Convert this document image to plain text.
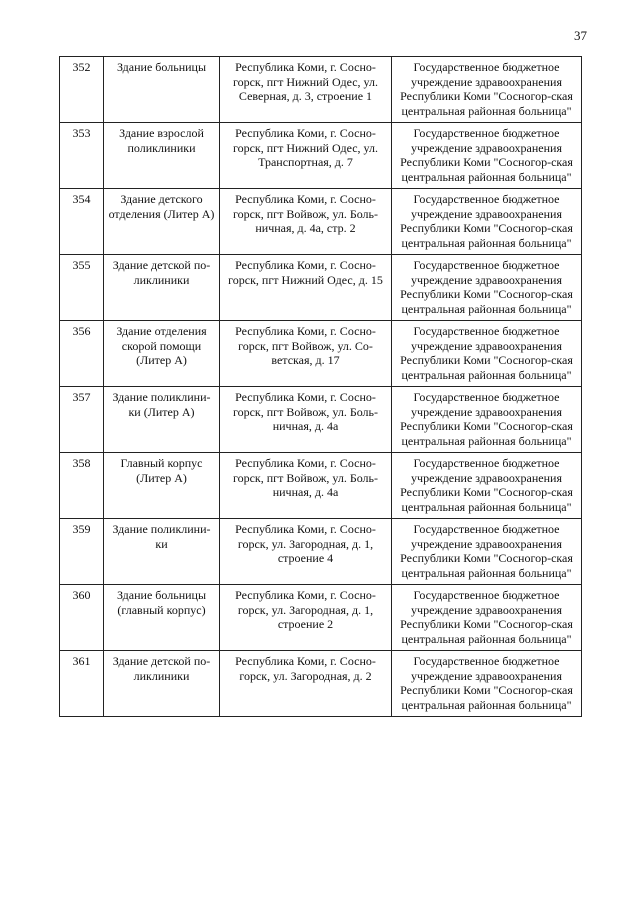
37
352	Здание больницы	Республика Коми, г. Сосно-горск, пгт Нижний Одес, ул. Северная, д. 3, строение 1	Государственное бюджетное учреждение здравоохранения Республики Коми "Сосногор-ская центральная районная больница"
353	Здание взрослой поликлиники	Республика Коми, г. Сосно-горск, пгт Нижний Одес, ул. Транспортная, д. 7	Государственное бюджетное учреждение здравоохранения Республики Коми "Сосногор-ская центральная районная больница"
354	Здание детского отделения (Литер А)	Республика Коми, г. Сосно-горск, пгт Войвож, ул. Боль-ничная, д. 4а, стр. 2	Государственное бюджетное учреждение здравоохранения Республики Коми "Сосногор-ская центральная районная больница"
355	Здание детской по-ликлиники	Республика Коми, г. Сосно-горск, пгт Нижний Одес, д. 15	Государственное бюджетное учреждение здравоохранения Республики Коми "Сосногор-ская центральная районная больница"
356	Здание отделения скорой помощи (Литер А)	Республика Коми, г. Сосно-горск, пгт Войвож, ул. Со-ветская, д. 17	Государственное бюджетное учреждение здравоохранения Республики Коми "Сосногор-ская центральная районная больница"
357	Здание поликлини-ки (Литер А)	Республика Коми, г. Сосно-горск, пгт Войвож, ул. Боль-ничная, д. 4а	Государственное бюджетное учреждение здравоохранения Республики Коми "Сосногор-ская центральная районная больница"
358	Главный корпус (Литер А)	Республика Коми, г. Сосно-горск, пгт Войвож, ул. Боль-ничная, д. 4а	Государственное бюджетное учреждение здравоохранения Республики Коми "Сосногор-ская центральная районная больница"
359	Здание поликлини-ки	Республика Коми, г. Сосно-горск, ул. Загородная, д. 1, строение 4	Государственное бюджетное учреждение здравоохранения Республики Коми "Сосногор-ская центральная районная больница"
360	Здание больницы (главный корпус)	Республика Коми, г. Сосно-горск, ул. Загородная, д. 1, строение 2	Государственное бюджетное учреждение здравоохранения Республики Коми "Сосногор-ская центральная районная больница"
361	Здание детской по-ликлиники	Республика Коми, г. Сосно-горск, ул. Загородная, д. 2	Государственное бюджетное учреждение здравоохранения Республики Коми "Сосногор-ская центральная районная больница"
